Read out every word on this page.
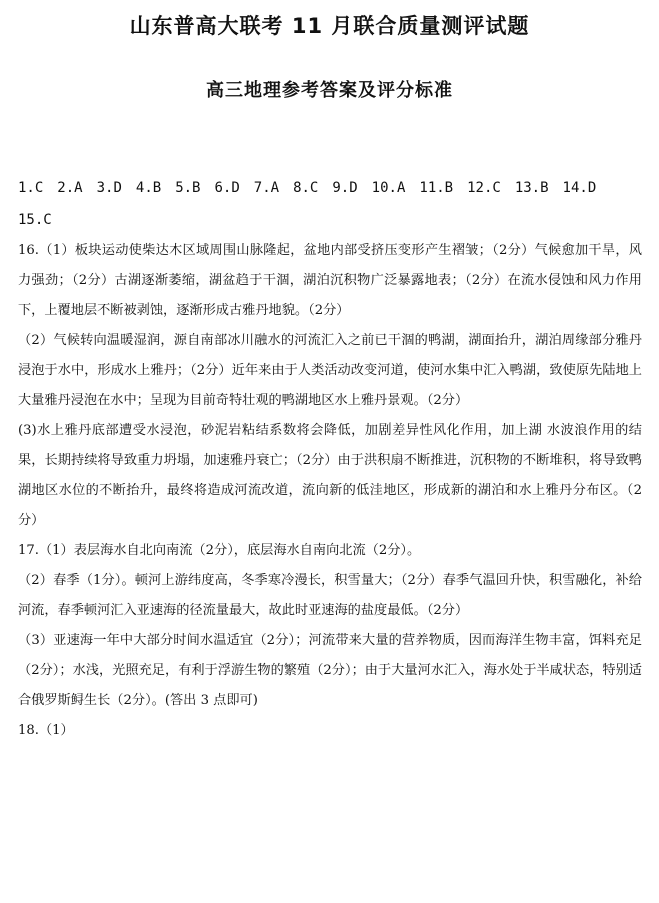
山东普高大联考 11 月联合质量测评试题
高三地理参考答案及评分标准
1.C 2.A 3.D 4.B 5.B 6.D 7.A 8.C 9.D 10.A 11.B 12.C 13.B 14.D
15.C

16.（1）板块运动使柴达木区域周围山脉隆起，盆地内部受挤压变形产生褶皱；（2分）气候愈加干旱，风力强劲；（2分）古湖逐渐萎缩，湖盆趋于干涸，湖泊沉积物广泛暴露地表；（2分）在流水侵蚀和风力作用下，上覆地层不断被剥蚀，逐渐形成古雅丹地貌。（2分）

（2）气候转向温暖湿润，源自南部冰川融水的河流汇入之前已干涸的鸭湖，湖面抬升，湖泊周缘部分雅丹浸泡于水中，形成水上雅丹；（2分）近年来由于人类活动改变河道，使河水集中汇入鸭湖，致使原先陆地上大量雅丹浸泡在水中；呈现为目前奇特壮观的鸭湖地区水上雅丹景观。（2分）

(3)水上雅丹底部遭受水浸泡，砂泥岩粘结系数将会降低，加剧差异性风化作用，加上湖 水波浪作用的结果，长期持续将导致重力坍塌，加速雅丹衰亡；（2分）由于洪积扇不断推进，沉积物的不断堆积，将导致鸭湖地区水位的不断抬升，最终将造成河流改道，流向新的低洼地区，形成新的湖泊和水上雅丹分布区。（2分）

17.（1）表层海水自北向南流（2分），底层海水自南向北流（2分）。

（2）春季（1分）。顿河上游纬度高，冬季寒冷漫长，积雪量大；（2分）春季气温回升快，积雪融化，补给河流，春季顿河汇入亚速海的径流量最大，故此时亚速海的盐度最低。（2分）

（3）亚速海一年中大部分时间水温适宜（2分）；河流带来大量的营养物质，因而海洋生物丰富，饵料充足（2分）；水浅，光照充足，有利于浮游生物的繁殖（2分）；由于大量河水汇入，海水处于半咸状态，特别适合俄罗斯鲟生长（2分）。(答出 3 点即可)

18.（1）
